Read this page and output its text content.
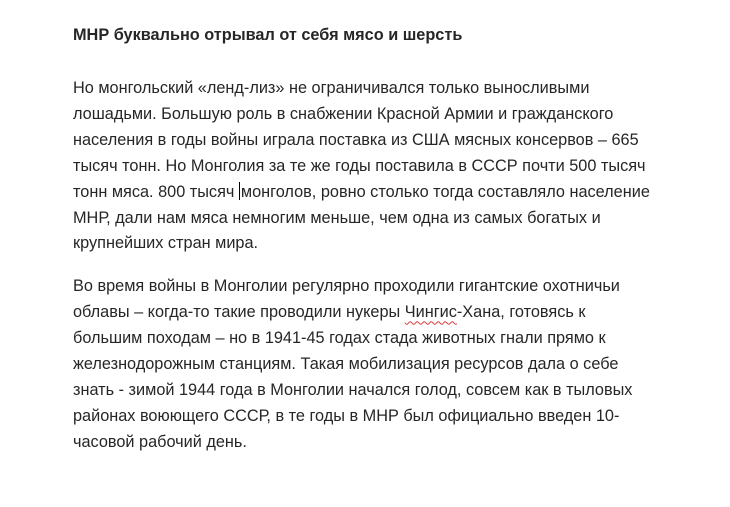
МНР буквально отрывал от себя мясо и шерсть

Но монгольский «ленд-лиз» не ограничивался только выносливыми
лошадьми. Большую роль в снабжении Красной Армии и гражданского
населения в годы войны играла поставка из США мясных консервов – 665
тысяч тонн. Но Монголия за те же годы поставила в СССР почти 500 тысяч
тонн мяса. 800 тысяч монголов, ровно столько тогда составляло население
МНР, дали нам мяса немногим меньше, чем одна из самых богатых и
крупнейших стран мира.

Во время войны в Монголии регулярно проходили гигантские охотничьи
облавы – когда-то такие проводили нукеры Чингис-Хана, готовясь к
большим походам – но в 1941-45 годах стада животных гнали прямо к
железнодорожным станциям. Такая мобилизация ресурсов дала о себе
знать - зимой 1944 года в Монголии начался голод, совсем как в тыловых
районах воюющего СССР, в те годы в МНР был официально введен 10-
часовой рабочий день.
